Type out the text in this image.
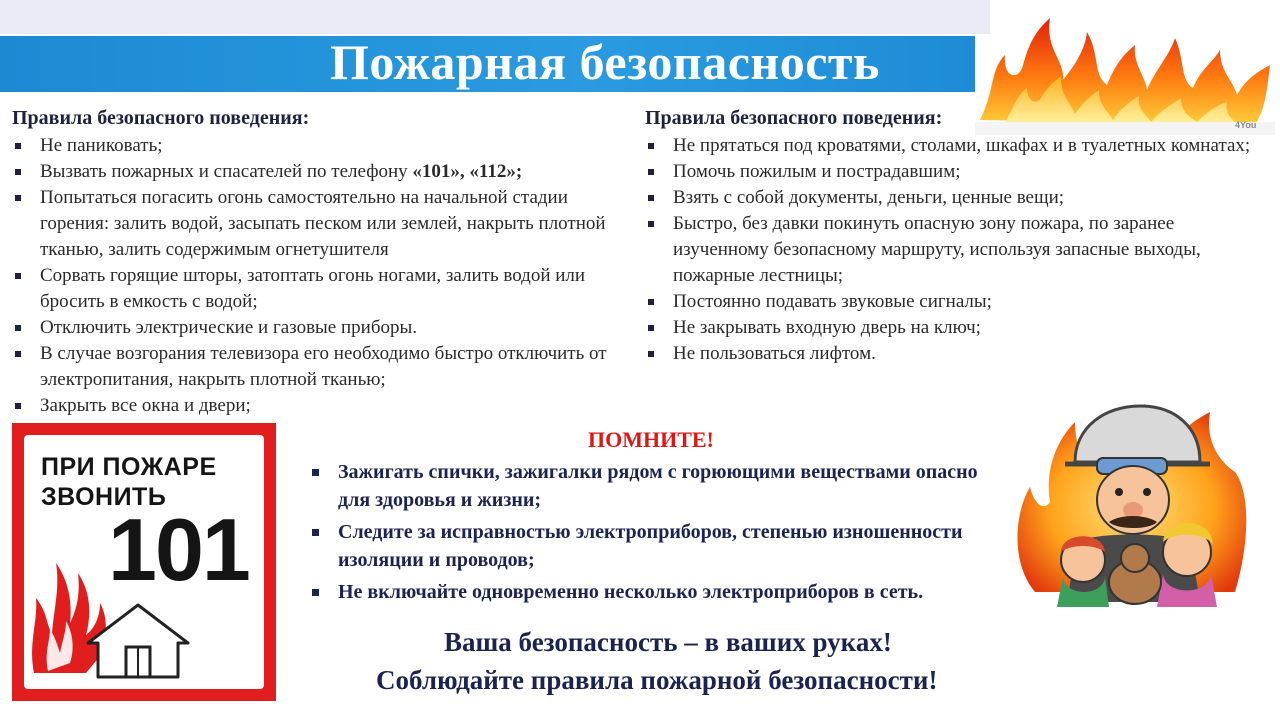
Пожарная безопасность
4You
Правила безопасного поведения:
Не паниковать;
Вызвать пожарных и спасателей по телефону «101», «112»;
Попытаться погасить огонь самостоятельно на начальной стадии горения: залить водой, засыпать песком или землей, накрыть плотной тканью, залить содержимым огнетушителя
Сорвать горящие шторы, затоптать огонь ногами, залить водой или бросить в емкость с водой;
Отключить электрические и газовые приборы.
В случае возгорания телевизора его необходимо быстро отключить от электропитания, накрыть плотной тканью;
Закрыть все окна и двери;
Правила безопасного поведения:
Не прятаться под кроватями, столами, шкафах и в туалетных комнатах;
Помочь пожилым и пострадавшим;
Взять с собой документы, деньги, ценные вещи;
Быстро, без давки покинуть опасную зону пожара, по заранее изученному безопасному маршруту, используя запасные выходы, пожарные лестницы;
Постоянно подавать звуковые сигналы;
Не закрывать входную дверь на ключ;
Не пользоваться лифтом.
ПРИ ПОЖАРЕ
ЗВОНИТЬ
101
ПОМНИТЕ!
Зажигать спички, зажигалки рядом с горюющими веществами опасно для здоровья и жизни;
Следите за исправностью электроприборов, степенью изношенности изоляции и проводов;
Не включайте одновременно несколько электроприборов в сеть.
Ваша безопасность – в ваших руках!
Соблюдайте правила пожарной безопасности!
